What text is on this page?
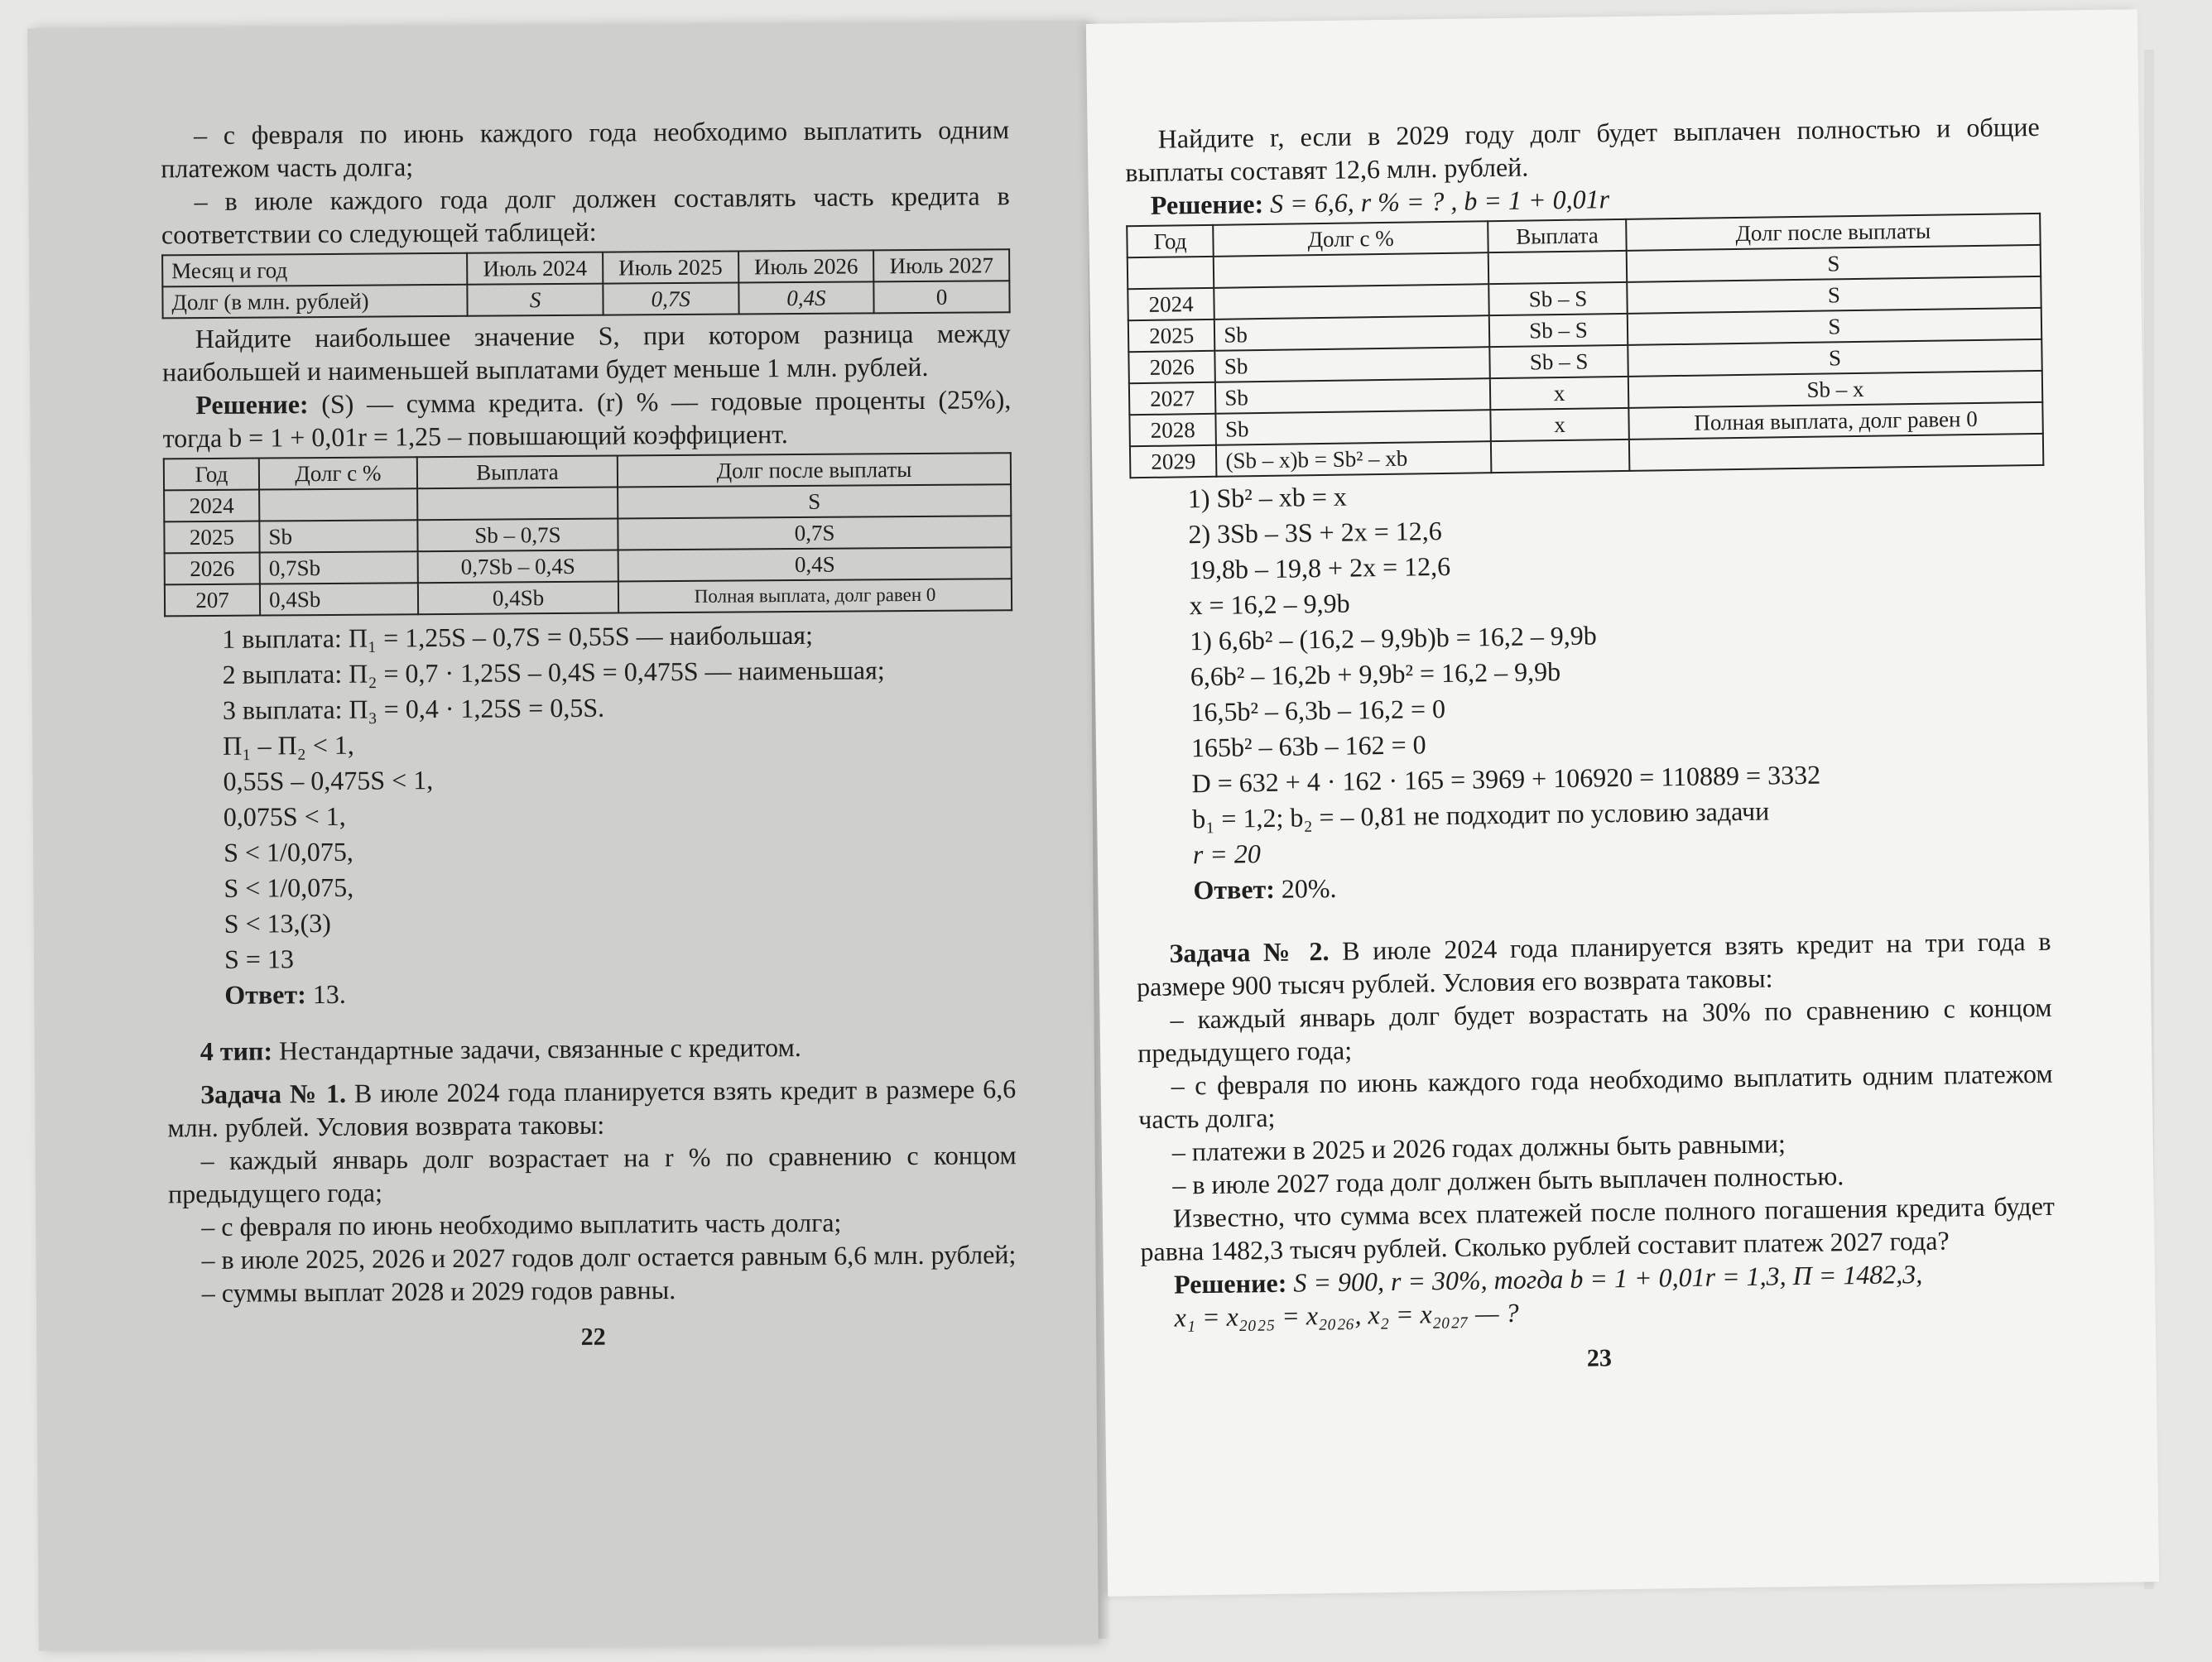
– с февраля по июнь каждого года необходимо выплатить одним платежом часть долга;

– в июле каждого года долг должен составлять часть кредита в соответствии со следующей таблицей:

Месяц и год	Июль 2024	Июль 2025	Июль 2026	Июль 2027
Долг (в млн. рублей)	S	0,7S	0,4S	0

Найдите наибольшее значение S, при котором разница между наибольшей и наименьшей выплатами будет меньше 1 млн. рублей.

Решение: (S) — сумма кредита. (r) % — годовые проценты (25%), тогда b = 1 + 0,01r = 1,25 – повышающий коэффициент.

Год	Долг с %	Выплата	Долг после выплаты
2024			S
2025	Sb	Sb – 0,7S	0,7S
2026	0,7Sb	0,7Sb – 0,4S	0,4S
207	0,4Sb	0,4Sb	Полная выплата, долг равен 0

1 выплата: П₁ = 1,25S – 0,7S = 0,55S — наибольшая;

2 выплата: П₂ = 0,7 · 1,25S – 0,4S = 0,475S — наименьшая;

3 выплата: П₃ = 0,4 · 1,25S = 0,5S.

П₁ – П₂ < 1,

0,55S – 0,475S < 1,

0,075S < 1,

S < 1/0,075,

S < 1/0,075,

S < 13,(3)

S = 13

Ответ: 13.

4 тип: Нестандартные задачи, связанные с кредитом.

Задача № 1. В июле 2024 года планируется взять кредит в размере 6,6 млн. рублей. Условия возврата таковы:

– каждый январь долг возрастает на r % по сравнению с концом предыдущего года;

– с февраля по июнь необходимо выплатить часть долга;

– в июле 2025, 2026 и 2027 годов долг остается равным 6,6 млн. рублей;

– суммы выплат 2028 и 2029 годов равны.

22

Найдите r, если в 2029 году долг будет выплачен полностью и общие выплаты составят 12,6 млн. рублей.

Решение: S = 6,6, r % = ? , b = 1 + 0,01r

Год	Долг с %	Выплата	Долг после выплаты
			S
2024		Sb – S	S
2025	Sb	Sb – S	S
2026	Sb	Sb – S	S
2027	Sb	x	Sb – x
2028	Sb	x	Полная выплата, долг равен 0
2029	(Sb – x)b = Sb² – xb		

1) Sb² – xb = x

2) 3Sb – 3S + 2x = 12,6

19,8b – 19,8 + 2x = 12,6

x = 16,2 – 9,9b

1) 6,6b² – (16,2 – 9,9b)b = 16,2 – 9,9b

6,6b² – 16,2b + 9,9b² = 16,2 – 9,9b

16,5b² – 6,3b – 16,2 = 0

165b² – 63b – 162 = 0

D = 632 + 4 · 162 · 165 = 3969 + 106920 = 110889 = 3332

b₁ = 1,2; b₂ = – 0,81 не подходит по условию задачи

r = 20

Ответ: 20%.

Задача № 2. В июле 2024 года планируется взять кредит на три года в размере 900 тысяч рублей. Условия его возврата таковы:

– каждый январь долг будет возрастать на 30% по сравнению с концом предыдущего года;

– с февраля по июнь каждого года необходимо выплатить одним платежом часть долга;

– платежи в 2025 и 2026 годах должны быть равными;

– в июле 2027 года долг должен быть выплачен полностью.

Известно, что сумма всех платежей после полного погашения кредита будет равна 1482,3 тысяч рублей. Сколько рублей составит платеж 2027 года?

Решение: S = 900, r = 30%, тогда b = 1 + 0,01r = 1,3, П = 1482,3,

x₁ = x₂₀₂₅ = x₂₀₂₆, x₂ = x₂₀₂₇ — ?

23
